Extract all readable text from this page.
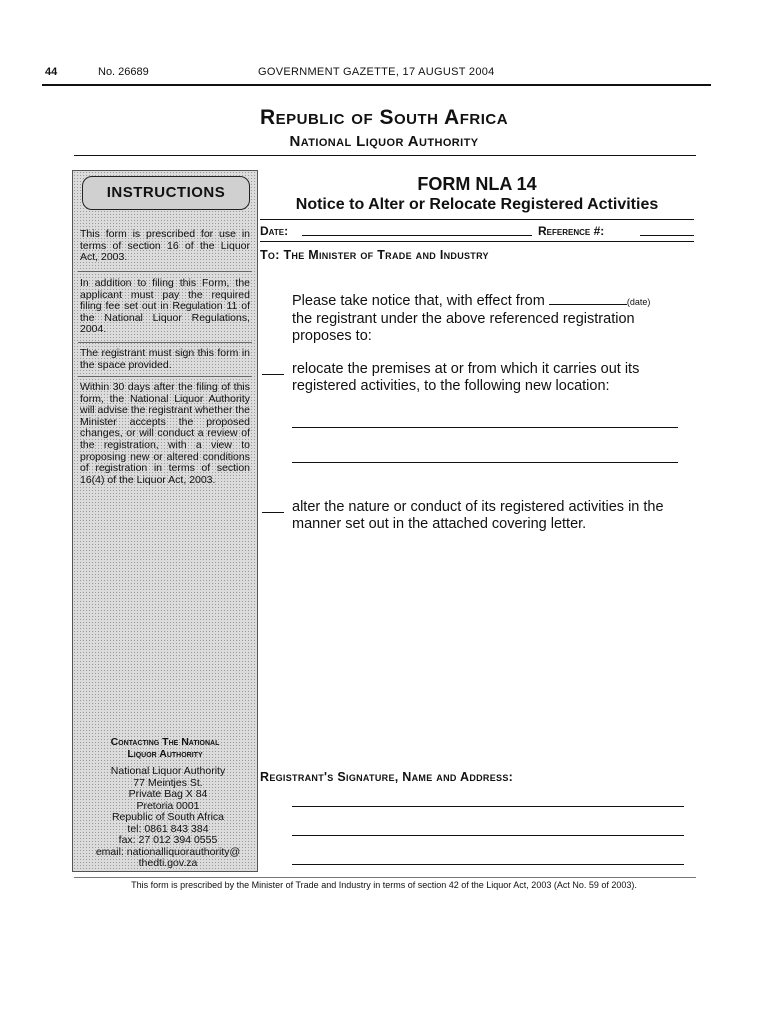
44	No. 26689	GOVERNMENT GAZETTE, 17 AUGUST 2004
Republic of South Africa
National Liquor Authority
INSTRUCTIONS
This form is prescribed for use in terms of section 16 of the Liquor Act, 2003.
In addition to filing this Form, the applicant must pay the required filing fee set out in Regulation 11 of the National Liquor Regulations, 2004.
The registrant must sign this form in the space provided.
Within 30 days after the filing of this form, the National Liquor Authority will advise the registrant whether the Minister accepts the proposed changes, or will conduct a review of the registration, with a view to proposing new or altered conditions of registration in terms of section 16(4) of the Liquor Act, 2003.
Contacting The National
Liquor Authority
National Liquor Authority
77 Meintjes St.
Private Bag X 84
Pretoria 0001
Republic of South Africa
tel: 0861 843 384
fax: 27 012 394 0555
email: nationalliquorauthority@
thedti.gov.za
FORM NLA 14
Notice to Alter or Relocate Registered Activities
Date:	Reference #:
To: The Minister of Trade and Industry
Please take notice that, with effect from	(date)
the registrant under the above referenced registration proposes to:
relocate the premises at or from which it carries out its registered activities, to the following new location:
alter the nature or conduct of its registered activities in the manner set out in the attached covering letter.
Registrant's Signature, Name and Address:
This form is prescribed by the Minister of Trade and Industry in terms of section 42 of the Liquor Act, 2003 (Act No. 59 of 2003).
